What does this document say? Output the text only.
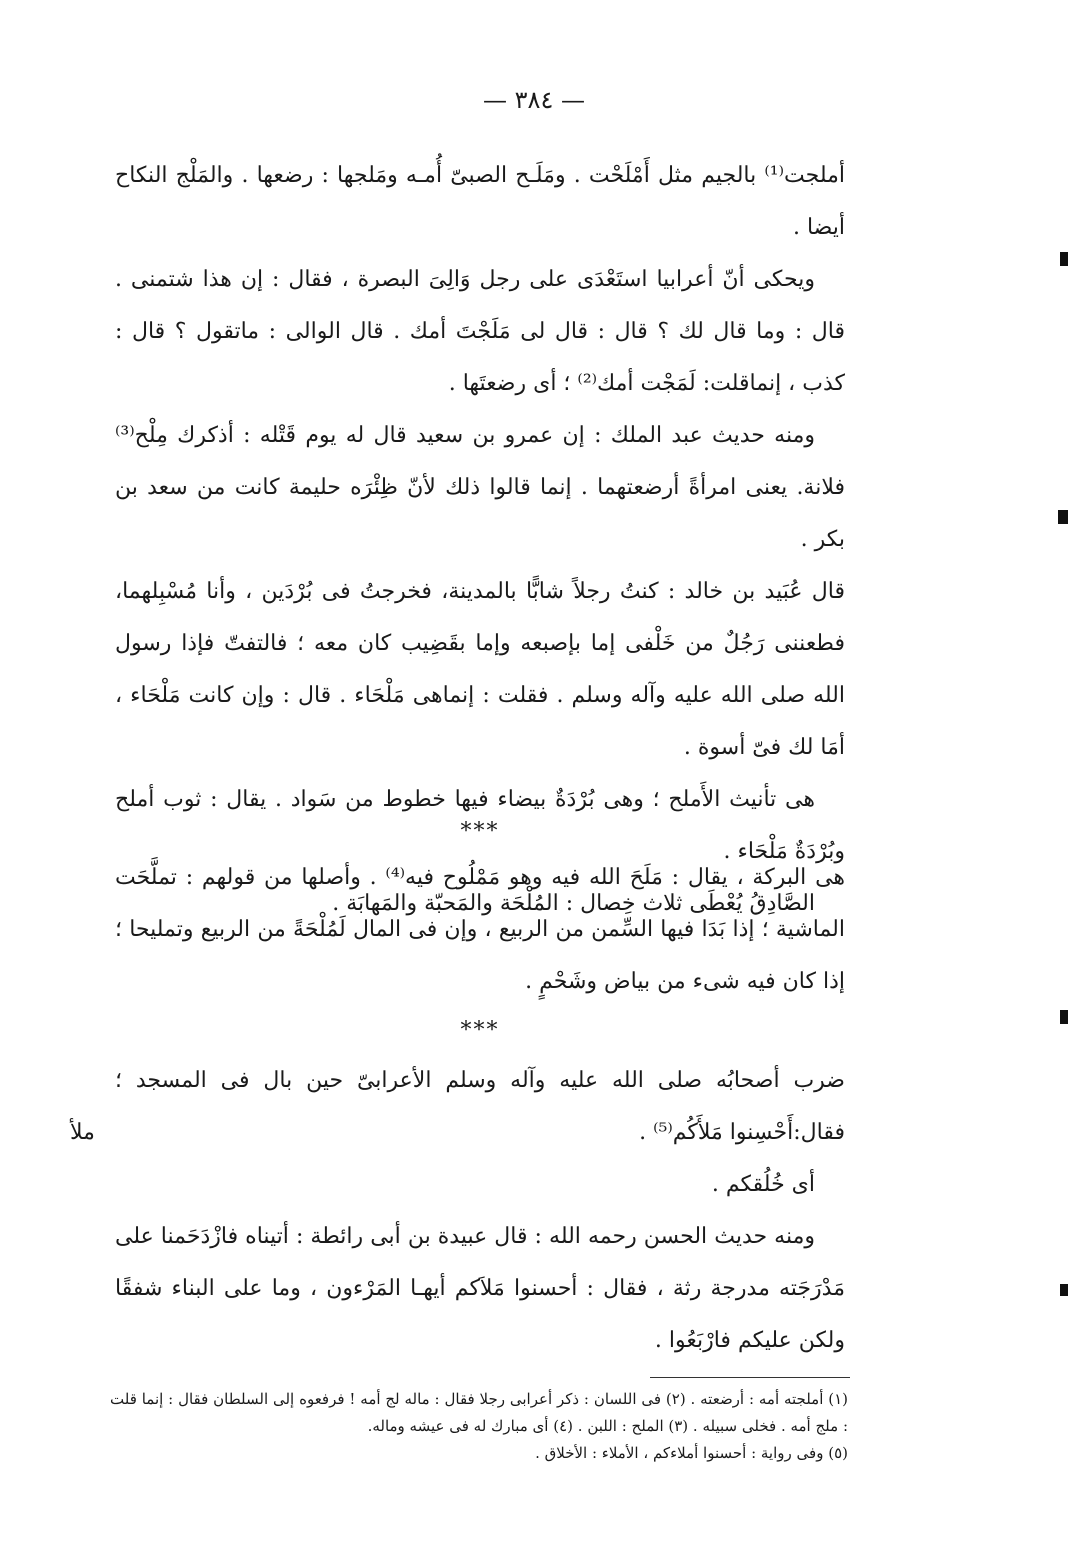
— ٣٨٤ —

أملجت⁽¹⁾ بالجيم مثل أَمْلَحْت . ومَلَـح الصبىّ أُمـه ومَلجها : رضعها . والمَلْج النكاح أيضا .

ويحكى أنّ أعرابيا استَعْدَى على رجل وَالِىَ البصرة ، فقال : إن هذا شتمنى . قال : وما قال لك ؟ قال : قال لى مَلَجْتَ أمك . قال الوالى : ماتقول ؟ قال : كذب ، إنماقلت: لَمَجْت أمك⁽²⁾ ؛ أى رضعتَها .

ومنه حديث عبد الملك : إن عمرو بن سعيد قال له يوم قَتْله : أذكرك مِلْح⁽³⁾ فلانة. يعنى امرأةً أرضعتهما . إنما قالوا ذلك لأنّ ظِئْرَه حليمة كانت من سعد بن بكر .

قال عُبَيد بن خالد : كنتُ رجلاً شابًّا بالمدينة، فخرجتُ فى بُرْدَين ، وأنا مُسْبِلهما، فطعننى رَجُلٌ من خَلْفى إما بإصبعه وإما بقَضِيب كان معه ؛ فالتفتّ فإذا رسول الله صلى الله عليه وآله وسلم . فقلت : إنماهى مَلْحَاء . قال : وإن كانت مَلْحَاء ، أمَا لك فىّ أسوة .

هى تأنيث الأَملح ؛ وهى بُرْدَةٌ بيضاء فيها خطوط من سَواد . يقال : ثوب أملح وبُرْدَةٌ مَلْحَاء .

الصَّادِقُ يُعْطَى ثلاث خِصال : المُلْحَة والمَحبّة والمَهابَة .

***

هى البركة ، يقال : مَلَحَ الله فيه وهو مَمْلُوح فيه⁽⁴⁾ . وأصلها من قولهم : تملَّحَت الماشية ؛ إذا بَدَا فيها السِّمن من الربيع ، وإن فى المال لَمُلْحَةً من الربيع وتمليحا ؛ إذا كان فيه شىء من بياض وشَحْمٍ .

***

ضرب أصحابُه صلى الله عليه وآله وسلم الأعرابىّ حين بال فى المسجد ؛فقال:أَحْسِنوا مَلأَكُم⁽⁵⁾ .

أى خُلُقكم .

ومنه حديث الحسن رحمه الله : قال عبيدة بن أبى رائطة : أتيناه فازْدَحَمنا على مَدْرَجَته مدرجة رثة ، فقال : أحسنوا مَلاَكم أيهـا المَرْءون ، وما على البناء شفقًا ولكن عليكم فارْبَعُوا .

ملأ

(١) أملجته أمه : أرضعته . (٢) فى اللسان : ذكر أعرابى رجلا فقال : ماله لج أمه ! فرفعوه إلى السلطان فقال : إنما قلت : ملج أمه . فخلى سبيله . (٣) الملح : اللبن . (٤) أى مبارك له فى عيشه وماله.

(٥) وفى رواية : أحسنوا أملاءكم ، الأملاء : الأخلاق .
